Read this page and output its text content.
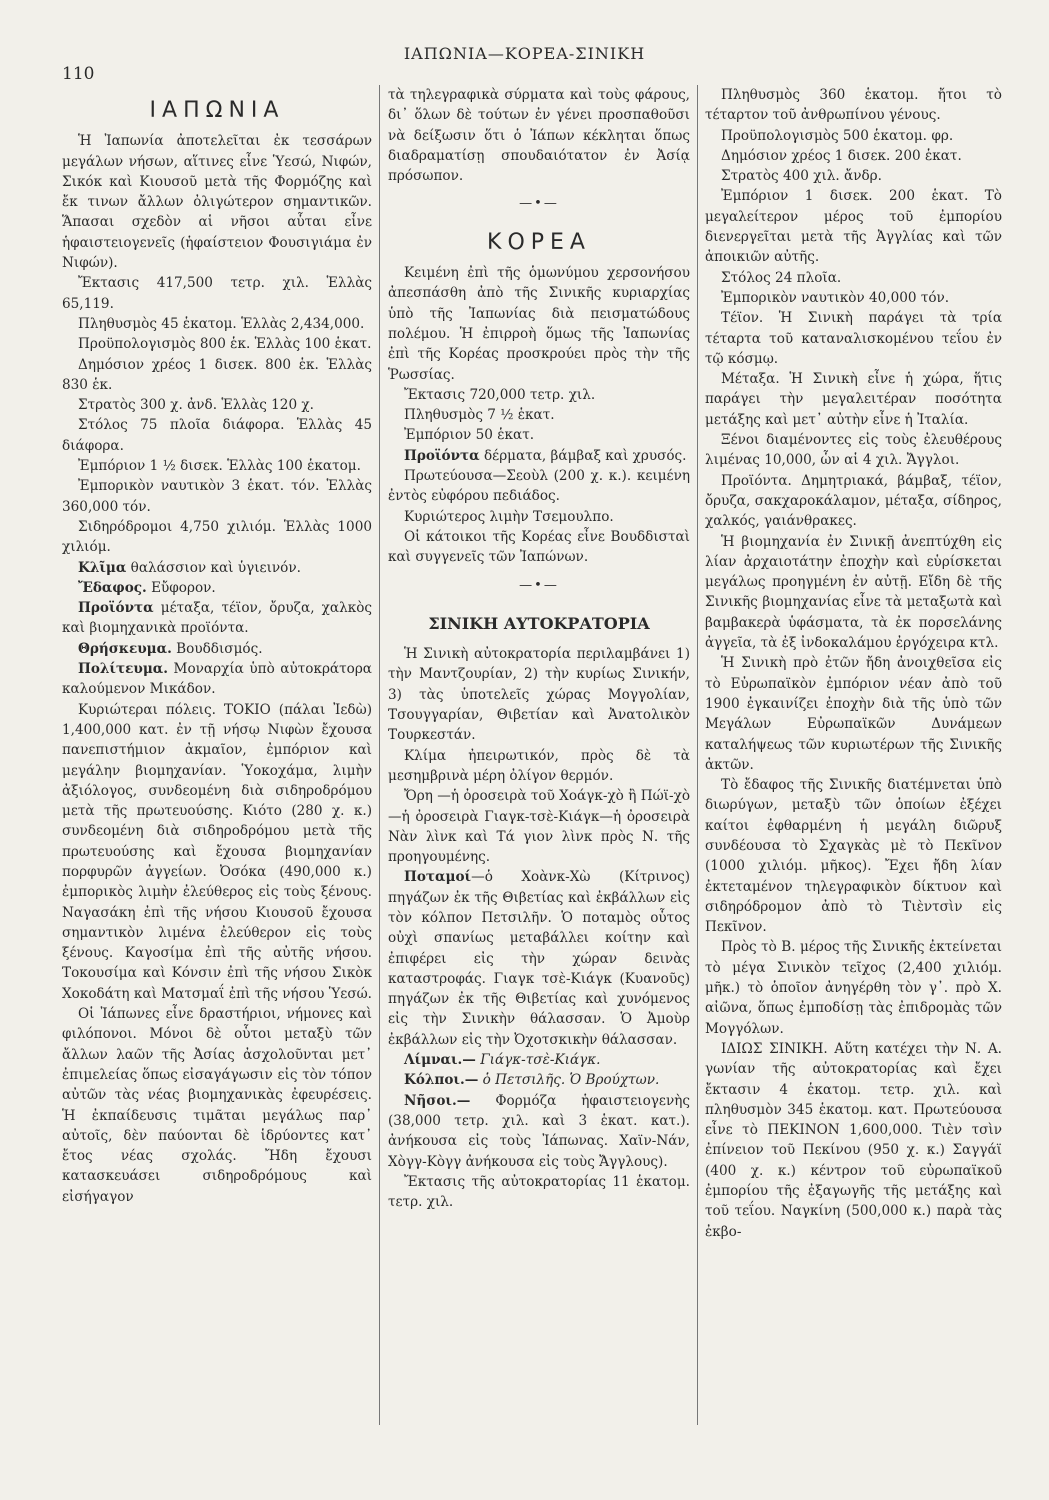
110
ΙΑΠΩΝΙΑ—ΚΟΡΕΑ-ΣΙΝΙΚΗ
ΙΑΠΩΝΙΑ

Ἡ Ἰαπωνία ἀποτελεῖται ἐκ τεσσάρων μεγάλων νήσων, αἵτινες εἶνε Ὑεσώ, Νιφών, Σικόκ καὶ Κιουσοῦ μετὰ τῆς Φορμόζης καὶ ἔκ τινων ἄλλων ὀλιγώτερον σημαντικῶν. Ἅπασαι σχεδὸν αἱ νῆσοι αὗται εἶνε ἡφαιστειογενεῖς (ἡφαίστειον Φουσιγιάμα ἐν Νιφών).

Ἔκτασις 417,500 τετρ. χιλ. Ἑλλὰς 65,119.

Πληθυσμὸς 45 ἑκατομ. Ἑλλὰς 2,434,000.

Προϋπολογισμὸς 800 ἑκ. Ἑλλὰς 100 ἑκατ.

Δημόσιον χρέος 1 δισεκ. 800 ἑκ. Ἑλλὰς 830 ἑκ.

Στρατὸς 300 χ. ἀνδ. Ἑλλὰς 120 χ.

Στόλος 75 πλοῖα διάφορα. Ἑλλὰς 45 διάφορα.

Ἐμπόριον 1 ½ δισεκ. Ἑλλὰς 100 ἑκατομ.

Ἐμπορικὸν ναυτικὸν 3 ἑκατ. τόν. Ἑλλὰς 360,000 τόν.

Σιδηρόδρομοι 4,750 χιλιόμ. Ἑλλὰς 1000 χιλιόμ.

Κλῖμα θαλάσσιον καὶ ὑγιεινόν.

Ἔδαφος. Εὔφορον.

Προϊόντα μέταξα, τέϊον, ὄρυζα, χαλκὸς καὶ βιομηχανικὰ προϊόντα.

Θρήσκευμα. Βουδδισμός.

Πολίτευμα. Μοναρχία ὑπὸ αὐτοκράτορα καλούμενον Μικάδον.

Κυριώτεραι πόλεις. ΤΟΚΙΟ (πάλαι Ἰεδὼ) 1,400,000 κατ. ἐν τῇ νήσῳ Νιφὼν ἔχουσα πανεπιστήμιον ἀκμαῖον, ἐμπόριον καὶ μεγάλην βιομηχανίαν. Ὑοκοχάμα, λιμὴν ἀξιόλογος, συνδεομένη διὰ σιδηροδρόμου μετὰ τῆς πρωτευούσης. Κιότο (280 χ. κ.) συνδεομένη διὰ σιδηροδρόμου μετὰ τῆς πρωτευούσης καὶ ἔχουσα βιομηχανίαν πορφυρῶν ἀγγείων. Ὀσόκα (490,000 κ.) ἐμπορικὸς λιμὴν ἐλεύθερος εἰς τοὺς ξένους. Ναγασάκη ἐπὶ τῆς νήσου Κιουσοῦ ἔχουσα σημαντικὸν λιμένα ἐλεύθερον εἰς τοὺς ξένους. Καγοσίμα ἐπὶ τῆς αὐτῆς νήσου. Τοκουσίμα καὶ Κόνσιν ἐπὶ τῆς νήσου Σικὸκ Χοκοδάτη καὶ Ματσμαΐ ἐπὶ τῆς νήσου Ὑεσώ.

Οἱ Ἰάπωνες εἶνε δραστήριοι, νήμονες καὶ φιλόπονοι. Μόνοι δὲ οὗτοι μεταξὺ τῶν ἄλλων λαῶν τῆς Ἀσίας ἀσχολοῦνται μετ᾽ ἐπιμελείας ὅπως εἰσαγάγωσιν εἰς τὸν τόπον αὐτῶν τὰς νέας βιομηχανικὰς ἐφευρέσεις. Ἡ ἐκπαίδευσις τιμᾶται μεγάλως παρ᾽ αὐτοῖς, δὲν παύονται δὲ ἱδρύοντες κατ᾽ ἔτος νέας σχολάς. Ἤδη ἔχουσι κατασκευάσει σιδηροδρόμους καὶ εἰσήγαγον

τὰ τηλεγραφικὰ σύρματα καὶ τοὺς φάρους, δι᾽ ὅλων δὲ τούτων ἐν γένει προσπαθοῦσι νὰ δείξωσιν ὅτι ὁ Ἰάπων κέκληται ὅπως διαδραματίσῃ σπουδαιότατον ἐν Ἀσίᾳ πρόσωπον.

—•—
ΚΟΡΕΑ

Κειμένη ἐπὶ τῆς ὁμωνύμου χερσονήσου ἀπεσπάσθη ἀπὸ τῆς Σινικῆς κυριαρχίας ὑπὸ τῆς Ἰαπωνίας διὰ πεισματώδους πολέμου. Ἡ ἐπιρροὴ ὅμως τῆς Ἰαπωνίας ἐπὶ τῆς Κορέας προσκρούει πρὸς τὴν τῆς Ῥωσσίας.

Ἔκτασις 720,000 τετρ. χιλ.

Πληθυσμὸς 7 ½ ἑκατ.

Ἐμπόριον 50 ἑκατ.

Προϊόντα δέρματα, βάμβαξ καὶ χρυσός.

Πρωτεύουσα—Σεοὺλ (200 χ. κ.). κειμένη ἐντὸς εὐφόρου πεδιάδος.

Κυριώτερος λιμὴν Τσεμουλπο.

Οἱ κάτοικοι τῆς Κορέας εἶνε Βουδδισταὶ καὶ συγγενεῖς τῶν Ἰαπώνων.

—•—
ΣΙΝΙΚΗ ΑΥΤΟΚΡΑΤΟΡΙΑ

Ἡ Σινικὴ αὐτοκρατορία περιλαμβάνει 1) τὴν Μαντζουρίαν, 2) τὴν κυρίως Σινικήν, 3) τὰς ὑποτελεῖς χώρας Μογγολίαν, Τσουγγαρίαν, Θιβετίαν καὶ Ἀνατολικὸν Τουρκεστάν.

Κλίμα ἠπειρωτικόν, πρὸς δὲ τὰ μεσημβρινὰ μέρη ὀλίγον θερμόν.

Ὄρη —ἡ ὀροσειρὰ τοῦ Χοάγκ-χὸ ἢ Πώϊ-χὸ —ἡ ὀροσειρὰ Γιαγκ-τσὲ-Κιάγκ—ἡ ὀροσειρὰ Νὰν λὶνκ καὶ Τά γιον λὶνκ πρὸς Ν. τῆς προηγουμένης.

Ποταμοί—ὁ Χοὰνκ-Χὼ (Κίτρινος) πηγάζων ἐκ τῆς Θιβετίας καὶ ἐκβάλλων εἰς τὸν κόλπον Πετσιλῆν. Ὁ ποταμὸς οὗτος οὐχὶ σπανίως μεταβάλλει κοίτην καὶ ἐπιφέρει εἰς τὴν χώραν δεινὰς καταστροφάς. Γιαγκ τσὲ-Κιάγκ (Κυανοῦς) πηγάζων ἐκ τῆς Θιβετίας καὶ χυνόμενος εἰς τὴν Σινικὴν θάλασσαν. Ὁ Ἀμοὺρ ἐκβάλλων εἰς τὴν Ὀχοτσκικὴν θάλασσαν.

Λίμναι.— Γιάγκ-τσὲ-Κιάγκ.

Κόλποι.— ὁ Πετσιλῆς. Ὁ Βρούχτων.

Νῆσοι.— Φορμόζα ἡφαιστειογενὴς (38,000 τετρ. χιλ. καὶ 3 ἑκατ. κατ.). ἀνήκουσα εἰς τοὺς Ἰάπωνας. Χαϊν-Νάν, Χὸγγ-Κὸγγ ἀνήκουσα εἰς τοὺς Ἄγγλους).

Ἔκτασις τῆς αὐτοκρατορίας 11 ἑκατομ. τετρ. χιλ.

Πληθυσμὸς 360 ἑκατομ. ἤτοι τὸ τέταρτον τοῦ ἀνθρωπίνου γένους.

Προϋπολογισμὸς 500 ἑκατομ. φρ.

Δημόσιον χρέος 1 δισεκ. 200 ἑκατ.

Στρατὸς 400 χιλ. ἄνδρ.

Ἐμπόριον 1 δισεκ. 200 ἑκατ. Τὸ μεγαλείτερον μέρος τοῦ ἐμπορίου διενεργεῖται μετὰ τῆς Ἀγγλίας καὶ τῶν ἀποικιῶν αὐτῆς.

Στόλος 24 πλοῖα.

Ἐμπορικὸν ναυτικὸν 40,000 τόν.

Τέϊον. Ἡ Σινικὴ παράγει τὰ τρία τέταρτα τοῦ καταναλισκομένου τεΐου ἐν τῷ κόσμῳ.

Μέταξα. Ἡ Σινικὴ εἶνε ἡ χώρα, ἥτις παράγει τὴν μεγαλειτέραν ποσότητα μετάξης καὶ μετ᾽ αὐτὴν εἶνε ἡ Ἰταλία.

Ξένοι διαμένοντες εἰς τοὺς ἐλευθέρους λιμένας 10,000, ὧν αἱ 4 χιλ. Ἄγγλοι.

Προϊόντα. Δημητριακά, βάμβαξ, τέϊον, ὄρυζα, σακχαροκάλαμον, μέταξα, σίδηρος, χαλκός, γαιάνθρακες.

Ἡ βιομηχανία ἐν Σινικῇ ἀνεπτύχθη εἰς λίαν ἀρχαιοτάτην ἐποχὴν καὶ εὑρίσκεται μεγάλως προηγμένη ἐν αὐτῇ. Εἴδη δὲ τῆς Σινικῆς βιομηχανίας εἶνε τὰ μεταξωτὰ καὶ βαμβακερὰ ὑφάσματα, τὰ ἐκ πορσελάνης ἀγγεῖα, τὰ ἐξ ἰνδοκαλάμου ἐργόχειρα κτλ.

Ἡ Σινικὴ πρὸ ἐτῶν ἤδη ἀνοιχθεῖσα εἰς τὸ Εὐρωπαϊκὸν ἐμπόριον νέαν ἀπὸ τοῦ 1900 ἐγκαινίζει ἐποχὴν διὰ τῆς ὑπὸ τῶν Μεγάλων Εὐρωπαϊκῶν Δυνάμεων καταλήψεως τῶν κυριωτέρων τῆς Σινικῆς ἀκτῶν.

Τὸ ἔδαφος τῆς Σινικῆς διατέμνεται ὑπὸ διωρύγων, μεταξὺ τῶν ὁποίων ἐξέχει καίτοι ἐφθαρμένη ἡ μεγάλη διῶρυξ συνδέουσα τὸ Σχαγκὰς μὲ τὸ Πεκῖνον (1000 χιλιόμ. μῆκος). Ἔχει ἤδη λίαν ἐκτεταμένον τηλεγραφικὸν δίκτυον καὶ σιδηρόδρομον ἀπὸ τὸ Τιὲντσὶν εἰς Πεκῖνον.

Πρὸς τὸ Β. μέρος τῆς Σινικῆς ἐκτείνεται τὸ μέγα Σινικὸν τεῖχος (2,400 χιλιόμ. μῆκ.) τὸ ὁποῖον ἀνηγέρθη τὸν γ᾽. πρὸ Χ. αἰῶνα, ὅπως ἐμποδίσῃ τὰς ἐπιδρομὰς τῶν Μογγόλων.

ΙΔΙΩΣ ΣΙΝΙΚΗ. Αὕτη κατέχει τὴν Ν. Α. γωνίαν τῆς αὐτοκρατορίας καὶ ἔχει ἔκτασιν 4 ἑκατομ. τετρ. χιλ. καὶ πληθυσμὸν 345 ἑκατομ. κατ. Πρωτεύουσα εἶνε τὸ ΠΕΚΙΝΟΝ 1,600,000. Τιὲν τσὶν ἐπίνειον τοῦ Πεκίνου (950 χ. κ.) Σαγγάϊ (400 χ. κ.) κέντρον τοῦ εὐρωπαϊκοῦ ἐμπορίου τῆς ἐξαγωγῆς τῆς μετάξης καὶ τοῦ τεΐου. Ναγκίνη (500,000 κ.) παρὰ τὰς ἐκβο-
